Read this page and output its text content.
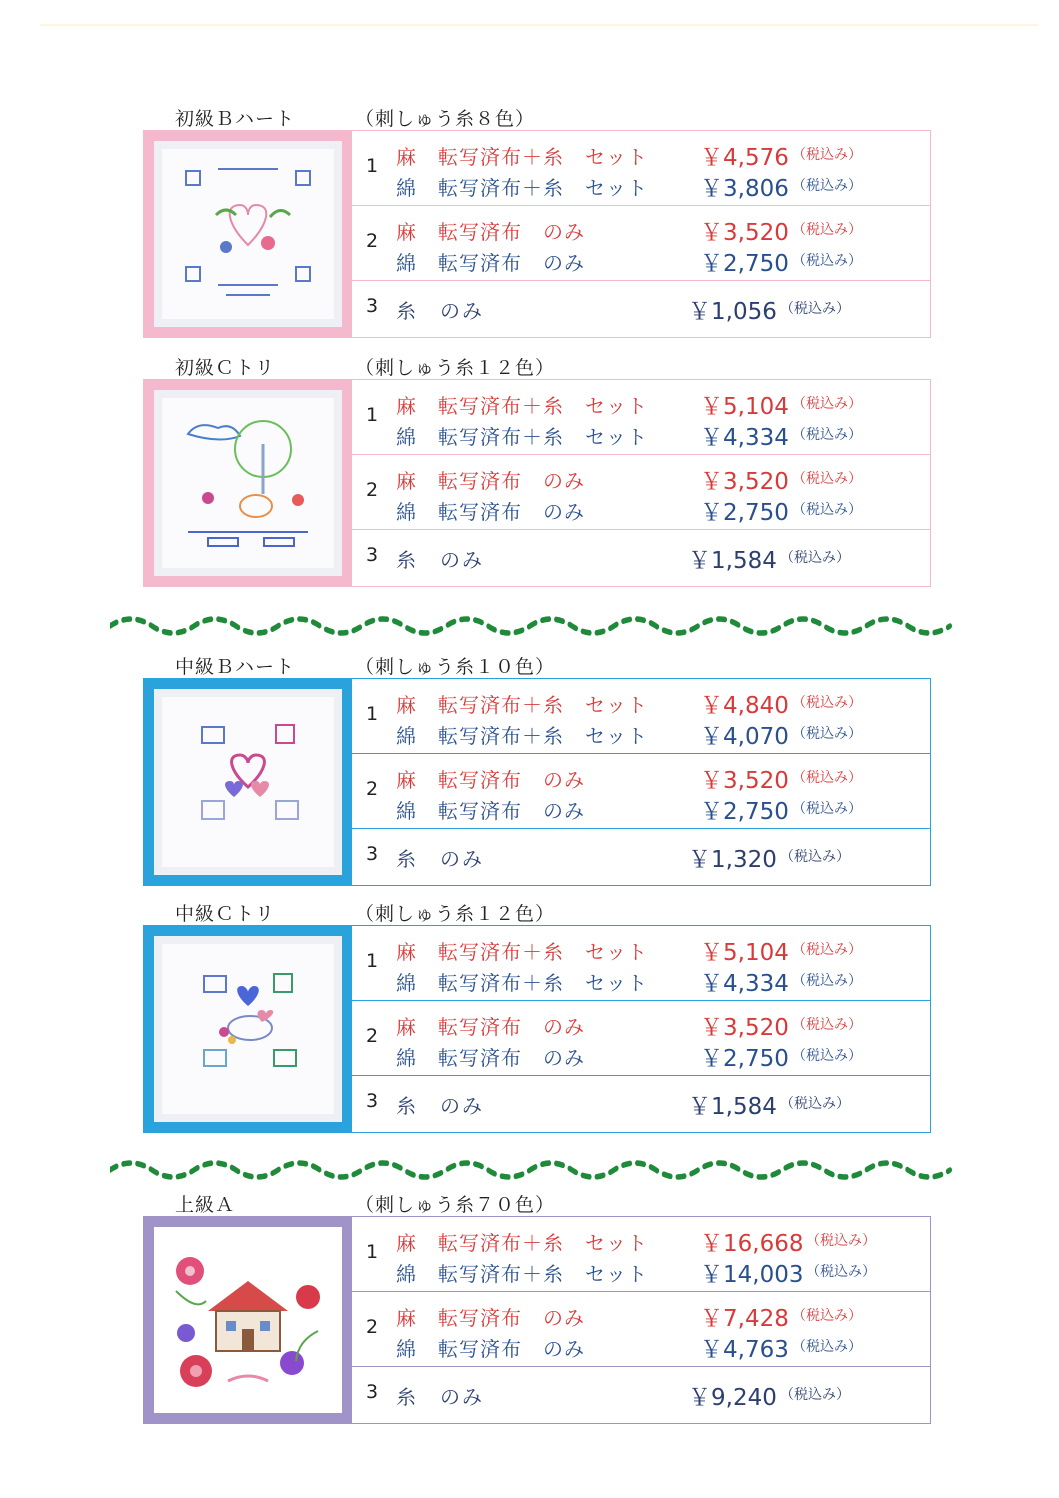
初級Ｂハート	（刺しゅう糸８色）
1 麻 転写済布＋糸　セット ￥4,576 （税込み）
綿 転写済布＋糸　セット ￥3,806 （税込み）
2 麻 転写済布　のみ	￥3,520 （税込み）
綿 転写済布　のみ	￥2,750 （税込み）
3 糸　のみ	￥1,056 （税込み）
初級Ｃトリ	（刺しゅう糸１２色）
1 麻 転写済布＋糸　セット ￥5,104 （税込み）
綿 転写済布＋糸　セット ￥4,334 （税込み）
2 麻 転写済布　のみ	￥3,520 （税込み）
綿 転写済布　のみ	￥2,750 （税込み）
3 糸　のみ	￥1,584 （税込み）
中級Ｂハート	（刺しゅう糸１０色）
1 麻 転写済布＋糸　セット ￥4,840 （税込み）
綿 転写済布＋糸　セット ￥4,070 （税込み）
2 麻 転写済布　のみ	￥3,520 （税込み）
綿 転写済布　のみ	￥2,750 （税込み）
3 糸　のみ	￥1,320 （税込み）
中級Ｃトリ	（刺しゅう糸１２色）
1 麻 転写済布＋糸　セット ￥5,104 （税込み）
綿 転写済布＋糸　セット ￥4,334 （税込み）
2 麻 転写済布　のみ	￥3,520 （税込み）
綿 転写済布　のみ	￥2,750 （税込み）
3 糸　のみ	￥1,584 （税込み）
上級Ａ	（刺しゅう糸７０色）
1 麻 転写済布＋糸　セット ￥16,668 （税込み）
綿 転写済布＋糸　セット ￥14,003 （税込み）
2 麻 転写済布　のみ	￥7,428 （税込み）
綿 転写済布　のみ	￥4,763 （税込み）
3 糸　のみ	￥9,240 （税込み）
